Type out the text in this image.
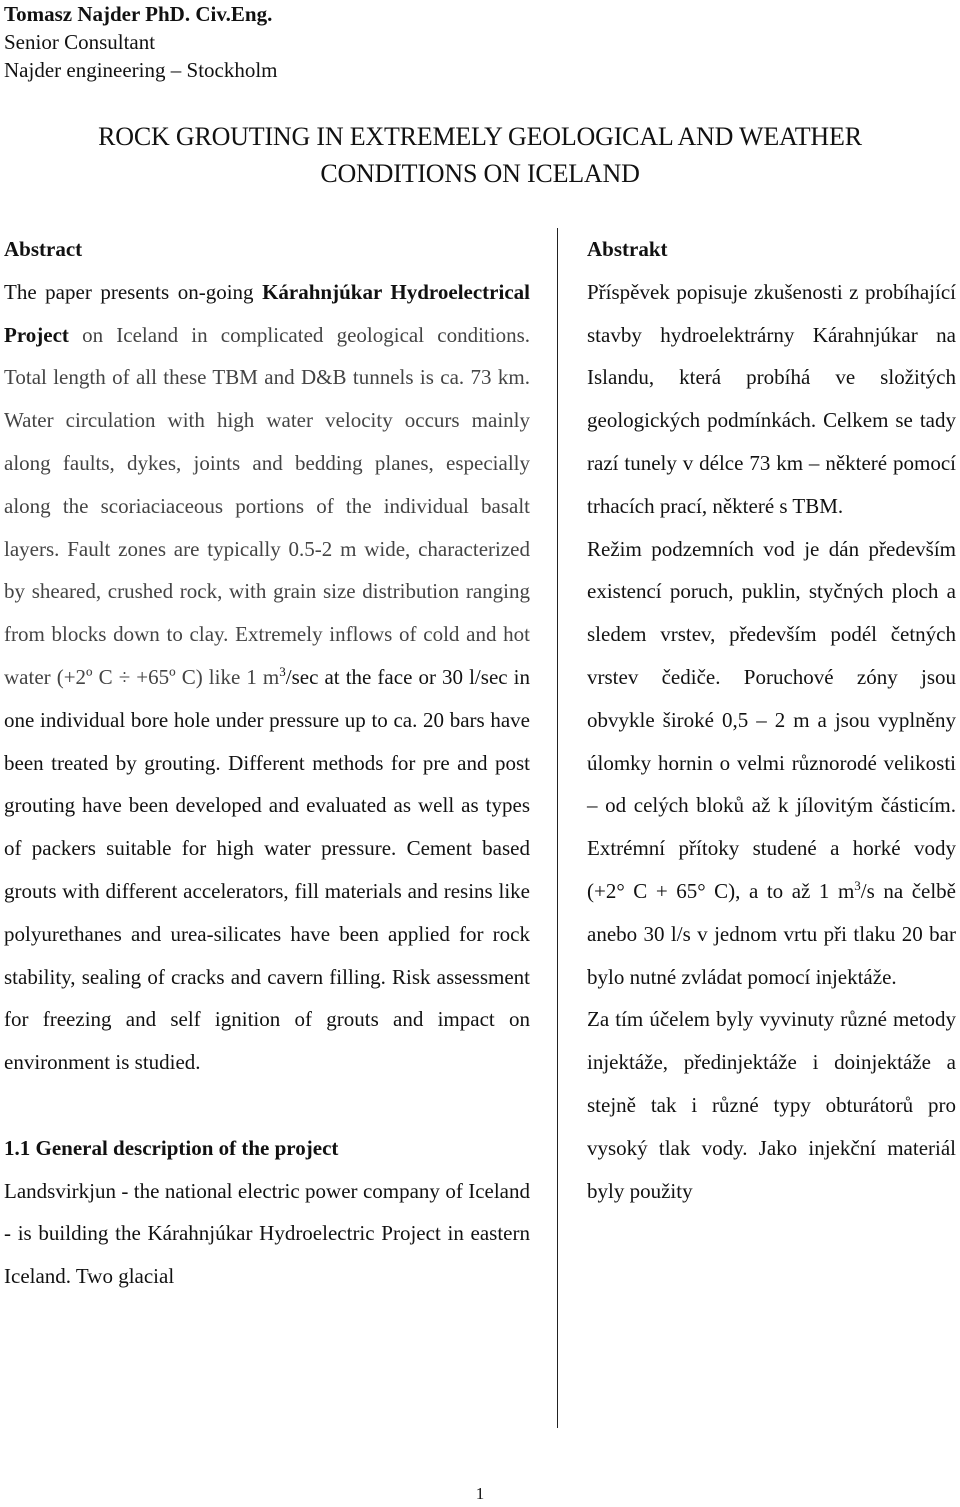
Tomasz Najder PhD. Civ.Eng.
Senior Consultant
Najder engineering – Stockholm
ROCK GROUTING IN EXTREMELY GEOLOGICAL AND WEATHER
CONDITIONS ON ICELAND

Abstract

The paper presents on-going Kárahnjúkar Hydroelectrical Project on Iceland in complicated geological conditions. Total length of all these TBM and D&B tunnels is ca. 73 km. Water circulation with high water velocity occurs mainly along faults, dykes, joints and bedding planes, especially along the scoriaciaceous portions of the individual basalt layers. Fault zones are typically 0.5-2 m wide, characterized by sheared, crushed rock, with grain size distribution ranging from blocks down to clay. Extremely inflows of cold and hot water (+2º C ÷ +65º C) like 1 $m^3/\sec$ at the face or 30 l/sec in one individual bore hole under pressure up to ca. 20 bars have been treated by grouting. Different methods for pre and post grouting have been developed and evaluated as well as types of packers suitable for high water pressure. Cement based grouts with different accelerators, fill materials and resins like polyurethanes and urea-silicates have been applied for rock stability, sealing of cracks and cavern filling. Risk assessment for freezing and self ignition of grouts and impact on environment is studied.

1.1 General description of the project

Landsvirkjun - the national electric power company of Iceland - is building the Kárahnjúkar Hydroelectric Project in eastern Iceland. Two glacial

Abstrakt

Příspěvek popisuje zkušenosti z probíhající stavby hydroelektrárny Kárahnjúkar na Islandu, která probíhá ve složitých geologických podmínkách. Celkem se tady razí tunely v délce 73 km – některé pomocí trhacích prací, některé s TBM.

Režim podzemních vod je dán především existencí poruch, puklin, styčných ploch a sledem vrstev, především podél četných vrstev čediče. Poruchové zóny jsou obvykle široké 0,5 – 2 m a jsou vyplněny úlomky hornin o velmi různorodé velikosti – od celých bloků až k jílovitým částicím. Extrémní přítoky studené a horké vody (+2° C + 65° C), a to až 1 $m^3/s$ na čelbě anebo 30 l/s v jednom vrtu při tlaku 20 bar bylo nutné zvládat pomocí injektáže.

Za tím účelem byly vyvinuty různé metody injektáže, předinjektáže i doinjektáže a stejně tak i různé typy obturátorů pro vysoký tlak vody. Jako injekční materiál byly použity

1
